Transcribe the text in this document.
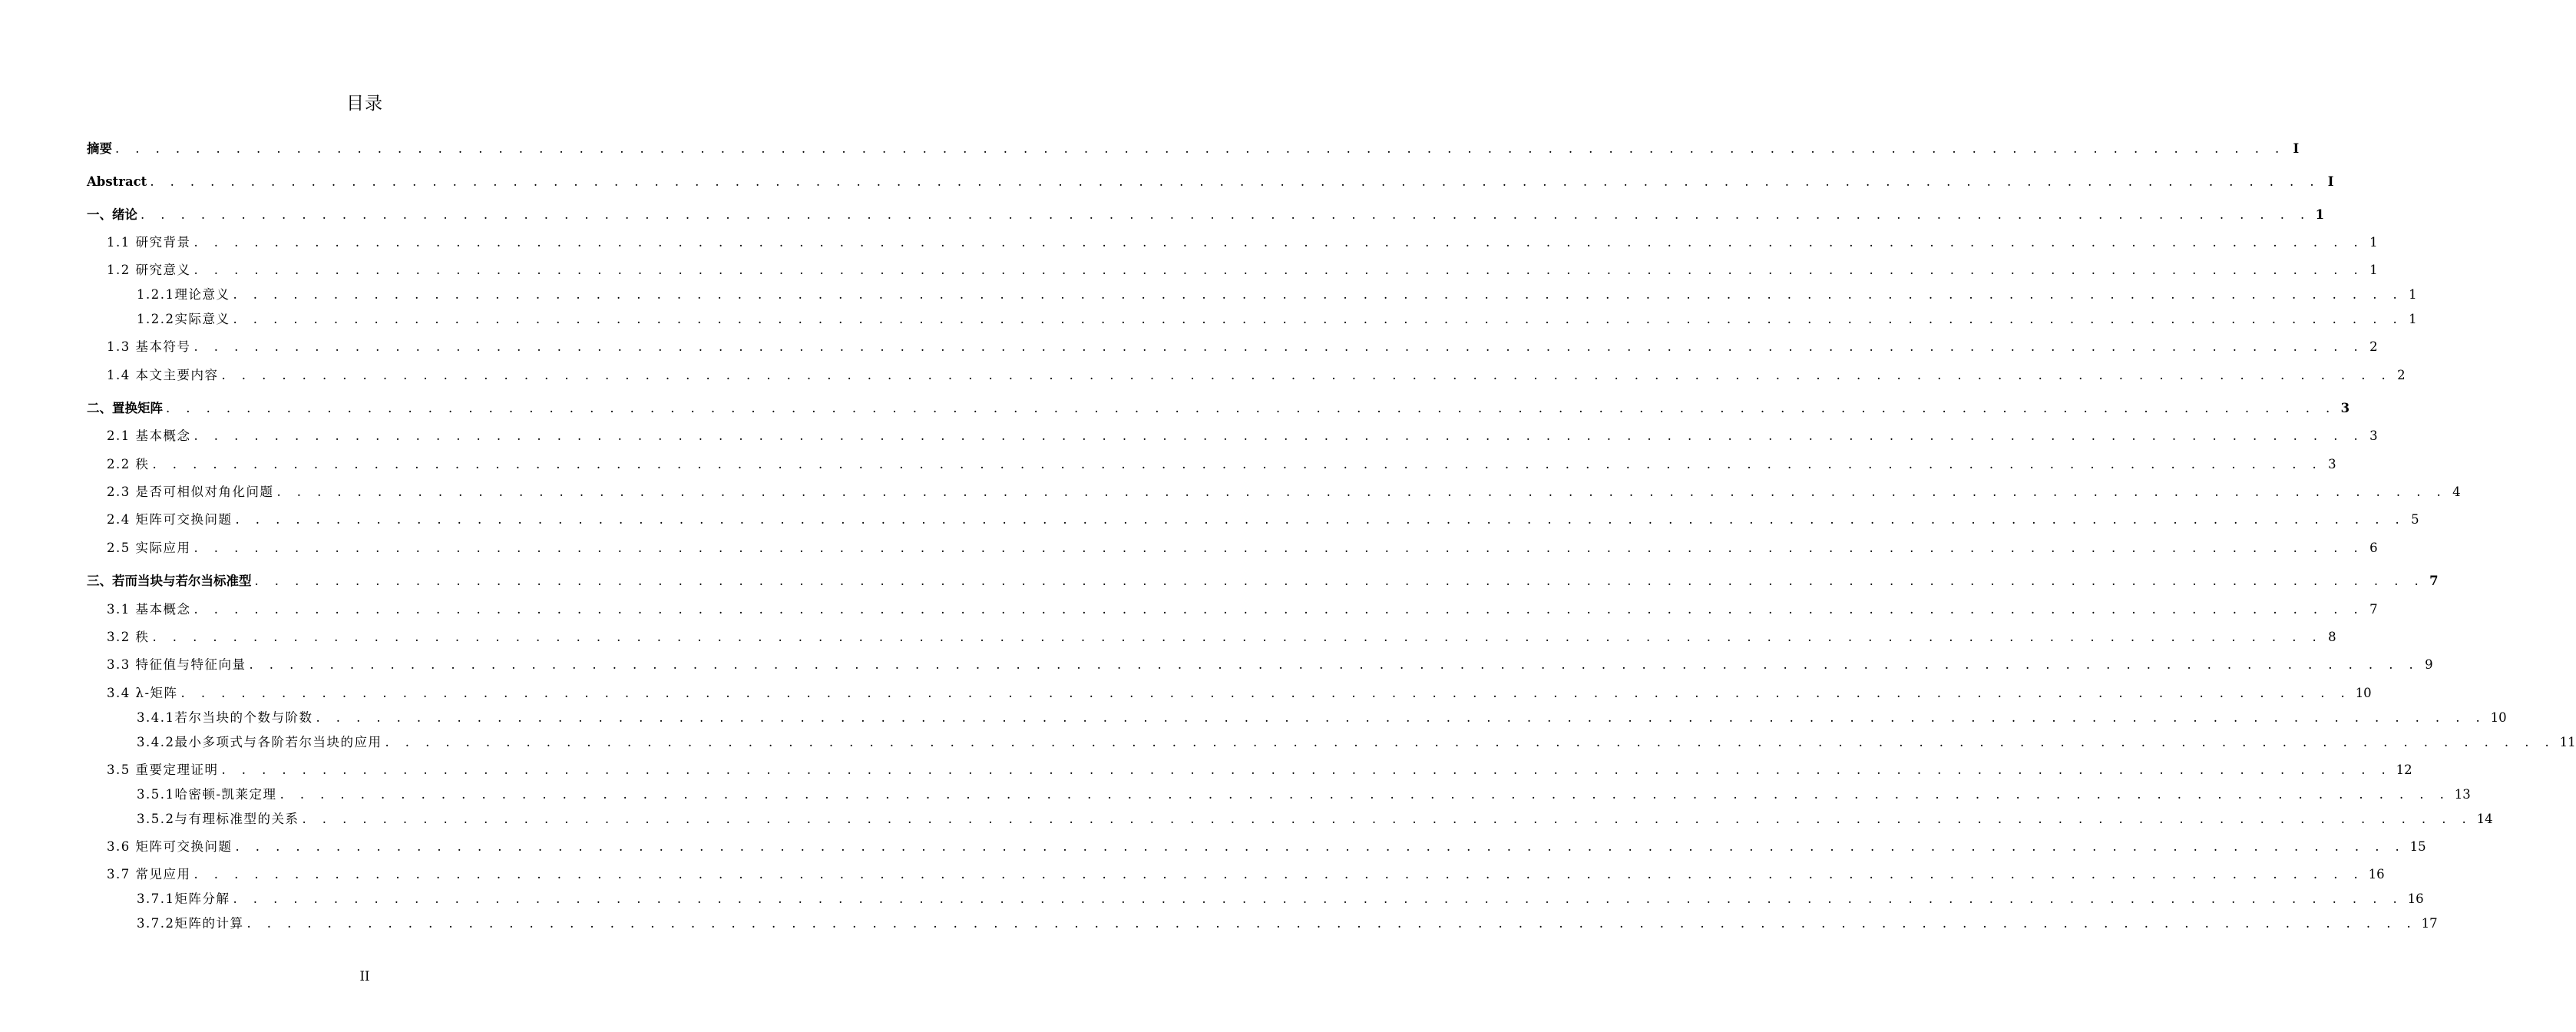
目录
摘要 . . . . . . . . . . . . . . . . . . . . . . . . . . . . . . . . . . . . . . . . . . . . . . . . . . . . . . . . . . . . . . . . . . . . . . . . . . . . . . . . . . . . . . . . . . . . . . . . . . . . . . . . . . . . I
Abstract . . . . . . . . . . . . . . . . . . . . . . . . . . . . . . . . . . . . . . . . . . . . . . . . . . . . . . . . . . . . . . . . . . . . . . . . . . . . . . . . . . . . . . . . . . . . . . . . . . . . . . . . . . . . I
一、绪论 . . . . . . . . . . . . . . . . . . . . . . . . . . . . . . . . . . . . . . . . . . . . . . . . . . . . . . . . . . . . . . . . . . . . . . . . . . . . . . . . . . . . . . . . . . . . . . . . . . . . . . . . . . . . 1
1.1 研究背景 . . . . . . . . . . . . . . . . . . . . . . . . . . . . . . . . . . . . . . . . . . . . . . . . . . . . . . . . . . . . . . . . . . . . . . . . . . . . . . . . . . . . . . . . . . . . . . . . . . . . . . . . . . . . 1
1.2 研究意义 . . . . . . . . . . . . . . . . . . . . . . . . . . . . . . . . . . . . . . . . . . . . . . . . . . . . . . . . . . . . . . . . . . . . . . . . . . . . . . . . . . . . . . . . . . . . . . . . . . . . . . . . . . . . 1
1.2.1理论意义 . . . . . . . . . . . . . . . . . . . . . . . . . . . . . . . . . . . . . . . . . . . . . . . . . . . . . . . . . . . . . . . . . . . . . . . . . . . . . . . . . . . . . . . . . . . . . . . . . . . . . . . . . . . . 1
1.2.2实际意义 . . . . . . . . . . . . . . . . . . . . . . . . . . . . . . . . . . . . . . . . . . . . . . . . . . . . . . . . . . . . . . . . . . . . . . . . . . . . . . . . . . . . . . . . . . . . . . . . . . . . . . . . . . . . 1
1.3 基本符号 . . . . . . . . . . . . . . . . . . . . . . . . . . . . . . . . . . . . . . . . . . . . . . . . . . . . . . . . . . . . . . . . . . . . . . . . . . . . . . . . . . . . . . . . . . . . . . . . . . . . . . . . . . . . 2
1.4 本文主要内容 . . . . . . . . . . . . . . . . . . . . . . . . . . . . . . . . . . . . . . . . . . . . . . . . . . . . . . . . . . . . . . . . . . . . . . . . . . . . . . . . . . . . . . . . . . . . . . . . . . . . . . . . . . . . 2
二、置换矩阵 . . . . . . . . . . . . . . . . . . . . . . . . . . . . . . . . . . . . . . . . . . . . . . . . . . . . . . . . . . . . . . . . . . . . . . . . . . . . . . . . . . . . . . . . . . . . . . . . . . . . . . . . . . . . 3
2.1 基本概念 . . . . . . . . . . . . . . . . . . . . . . . . . . . . . . . . . . . . . . . . . . . . . . . . . . . . . . . . . . . . . . . . . . . . . . . . . . . . . . . . . . . . . . . . . . . . . . . . . . . . . . . . . . . . 3
2.2 秩 . . . . . . . . . . . . . . . . . . . . . . . . . . . . . . . . . . . . . . . . . . . . . . . . . . . . . . . . . . . . . . . . . . . . . . . . . . . . . . . . . . . . . . . . . . . . . . . . . . . . . . . . . . . . 3
2.3 是否可相似对角化问题 . . . . . . . . . . . . . . . . . . . . . . . . . . . . . . . . . . . . . . . . . . . . . . . . . . . . . . . . . . . . . . . . . . . . . . . . . . . . . . . . . . . . . . . . . . . . . . . . . . . . . . . . . . . . 4
2.4 矩阵可交换问题 . . . . . . . . . . . . . . . . . . . . . . . . . . . . . . . . . . . . . . . . . . . . . . . . . . . . . . . . . . . . . . . . . . . . . . . . . . . . . . . . . . . . . . . . . . . . . . . . . . . . . . . . . . . . 5
2.5 实际应用 . . . . . . . . . . . . . . . . . . . . . . . . . . . . . . . . . . . . . . . . . . . . . . . . . . . . . . . . . . . . . . . . . . . . . . . . . . . . . . . . . . . . . . . . . . . . . . . . . . . . . . . . . . . . 6
三、若而当块与若尔当标准型 . . . . . . . . . . . . . . . . . . . . . . . . . . . . . . . . . . . . . . . . . . . . . . . . . . . . . . . . . . . . . . . . . . . . . . . . . . . . . . . . . . . . . . . . . . . . . . . . . . . . . . . . . . . . 7
3.1 基本概念 . . . . . . . . . . . . . . . . . . . . . . . . . . . . . . . . . . . . . . . . . . . . . . . . . . . . . . . . . . . . . . . . . . . . . . . . . . . . . . . . . . . . . . . . . . . . . . . . . . . . . . . . . . . . 7
3.2 秩 . . . . . . . . . . . . . . . . . . . . . . . . . . . . . . . . . . . . . . . . . . . . . . . . . . . . . . . . . . . . . . . . . . . . . . . . . . . . . . . . . . . . . . . . . . . . . . . . . . . . . . . . . . . . 8
3.3 特征值与特征向量 . . . . . . . . . . . . . . . . . . . . . . . . . . . . . . . . . . . . . . . . . . . . . . . . . . . . . . . . . . . . . . . . . . . . . . . . . . . . . . . . . . . . . . . . . . . . . . . . . . . . . . . . . . . . 9
3.4 λ-矩阵 . . . . . . . . . . . . . . . . . . . . . . . . . . . . . . . . . . . . . . . . . . . . . . . . . . . . . . . . . . . . . . . . . . . . . . . . . . . . . . . . . . . . . . . . . . . . . . . . . . . . . . . . . . . . 10
3.4.1若尔当块的个数与阶数 . . . . . . . . . . . . . . . . . . . . . . . . . . . . . . . . . . . . . . . . . . . . . . . . . . . . . . . . . . . . . . . . . . . . . . . . . . . . . . . . . . . . . . . . . . . . . . . . . . . . . . . . . . . . 10
3.4.2最小多项式与各阶若尔当块的应用 . . . . . . . . . . . . . . . . . . . . . . . . . . . . . . . . . . . . . . . . . . . . . . . . . . . . . . . . . . . . . . . . . . . . . . . . . . . . . . . . . . . . . . . . . . . . . . . . . . . . . . . . . . . . 11
3.5 重要定理证明 . . . . . . . . . . . . . . . . . . . . . . . . . . . . . . . . . . . . . . . . . . . . . . . . . . . . . . . . . . . . . . . . . . . . . . . . . . . . . . . . . . . . . . . . . . . . . . . . . . . . . . . . . . . . 12
3.5.1哈密顿-凯莱定理 . . . . . . . . . . . . . . . . . . . . . . . . . . . . . . . . . . . . . . . . . . . . . . . . . . . . . . . . . . . . . . . . . . . . . . . . . . . . . . . . . . . . . . . . . . . . . . . . . . . . . . . . . . . . 13
3.5.2与有理标准型的关系 . . . . . . . . . . . . . . . . . . . . . . . . . . . . . . . . . . . . . . . . . . . . . . . . . . . . . . . . . . . . . . . . . . . . . . . . . . . . . . . . . . . . . . . . . . . . . . . . . . . . . . . . . . . . 14
3.6 矩阵可交换问题 . . . . . . . . . . . . . . . . . . . . . . . . . . . . . . . . . . . . . . . . . . . . . . . . . . . . . . . . . . . . . . . . . . . . . . . . . . . . . . . . . . . . . . . . . . . . . . . . . . . . . . . . . . . . 15
3.7 常见应用 . . . . . . . . . . . . . . . . . . . . . . . . . . . . . . . . . . . . . . . . . . . . . . . . . . . . . . . . . . . . . . . . . . . . . . . . . . . . . . . . . . . . . . . . . . . . . . . . . . . . . . . . . . . . 16
3.7.1矩阵分解 . . . . . . . . . . . . . . . . . . . . . . . . . . . . . . . . . . . . . . . . . . . . . . . . . . . . . . . . . . . . . . . . . . . . . . . . . . . . . . . . . . . . . . . . . . . . . . . . . . . . . . . . . . . . 16
3.7.2矩阵的计算 . . . . . . . . . . . . . . . . . . . . . . . . . . . . . . . . . . . . . . . . . . . . . . . . . . . . . . . . . . . . . . . . . . . . . . . . . . . . . . . . . . . . . . . . . . . . . . . . . . . . . . . . . . . . 17
II
